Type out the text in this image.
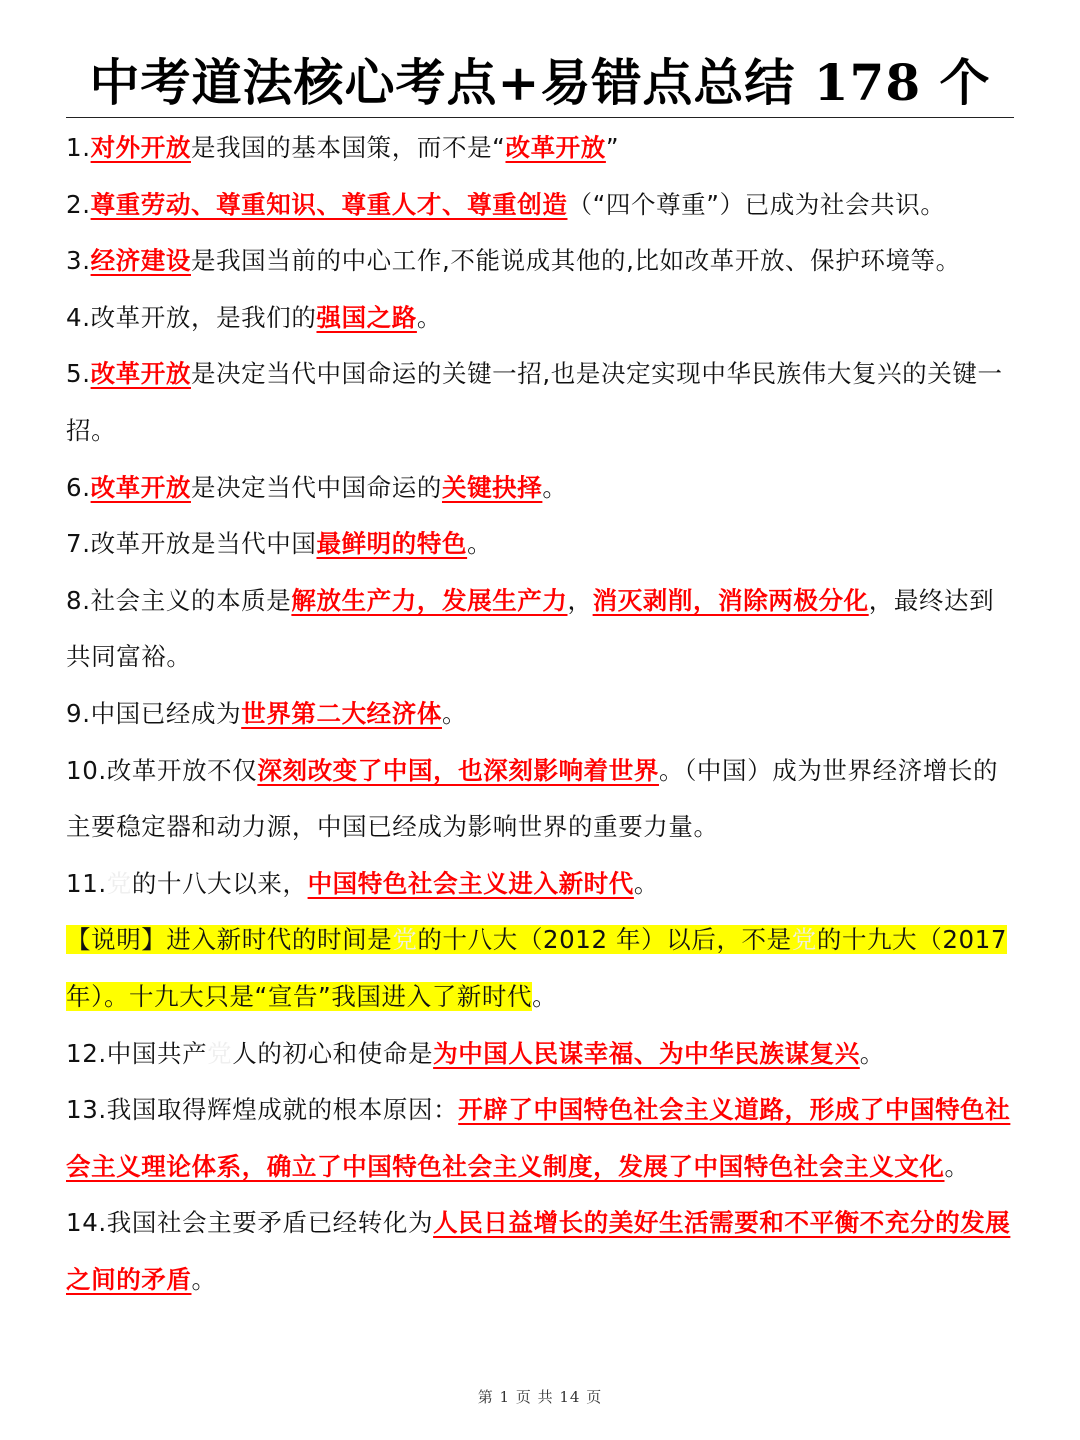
中考道法核心考点+易错点总结 178 个

1.对外开放是我国的基本国策，而不是“改革开放”

2.尊重劳动、尊重知识、尊重人才、尊重创造（“四个尊重”）已成为社会共识。

3.经济建设是我国当前的中心工作,不能说成其他的,比如改革开放、保护环境等。

4.改革开放，是我们的强国之路。

5.改革开放是决定当代中国命运的关键一招,也是决定实现中华民族伟大复兴的关键一招。

6.改革开放是决定当代中国命运的关键抉择。

7.改革开放是当代中国最鲜明的特色。

8.社会主义的本质是解放生产力，发展生产力，消灭剥削，消除两极分化，最终达到共同富裕。

9.中国已经成为世界第二大经济体。

10.改革开放不仅深刻改变了中国，也深刻影响着世界。（中国）成为世界经济增长的主要稳定器和动力源，中国已经成为影响世界的重要力量。

11.党的十八大以来，中国特色社会主义进入新时代。

【说明】进入新时代的时间是党的十八大（2012 年）以后，不是党的十九大（2017 年）。十九大只是“宣告”我国进入了新时代。

12.中国共产党人的初心和使命是为中国人民谋幸福、为中华民族谋复兴。

13.我国取得辉煌成就的根本原因：开辟了中国特色社会主义道路，形成了中国特色社会主义理论体系，确立了中国特色社会主义制度，发展了中国特色社会主义文化。

14.我国社会主要矛盾已经转化为人民日益增长的美好生活需要和不平衡不充分的发展之间的矛盾。

第 1 页 共 14 页
